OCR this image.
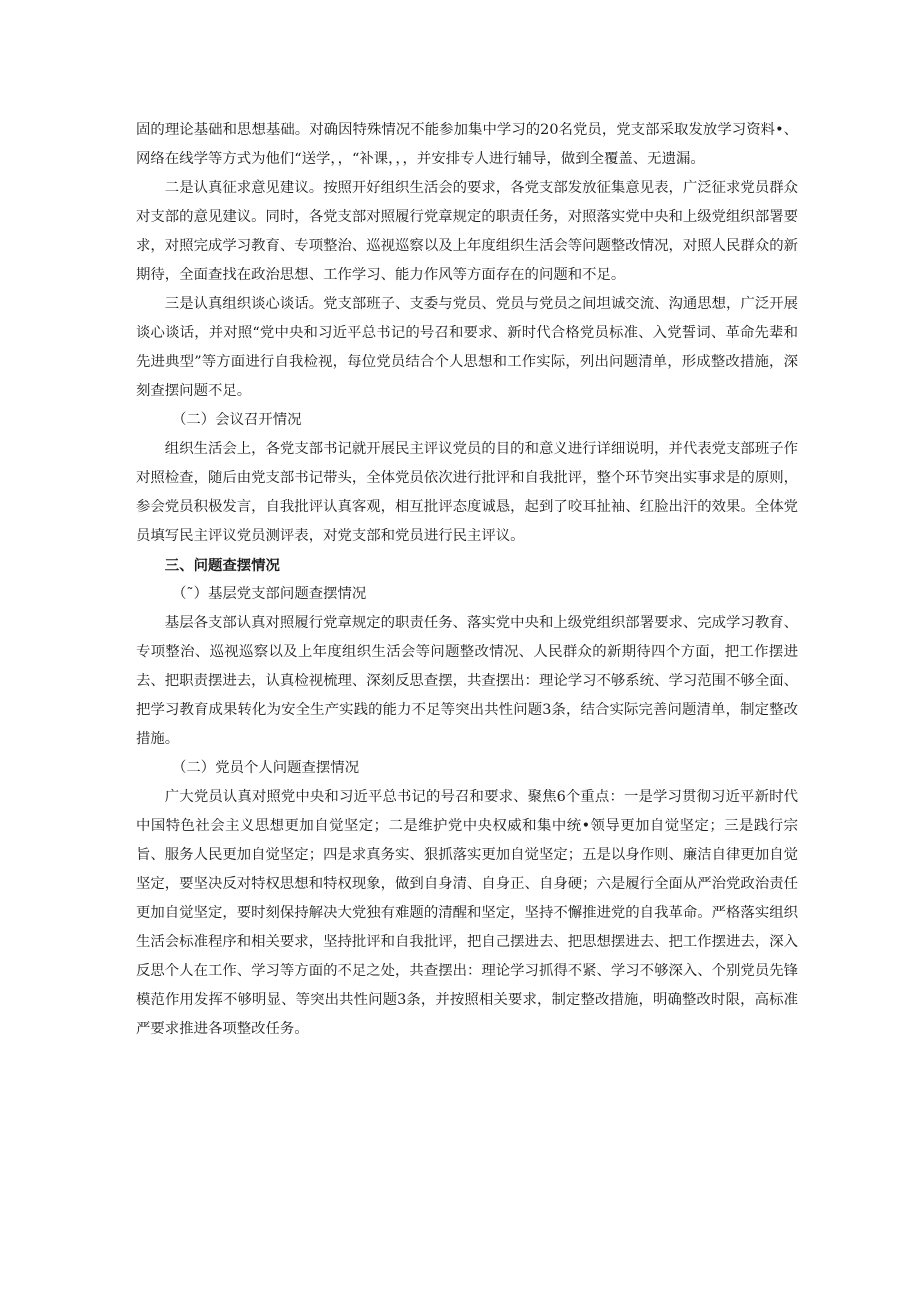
固的理论基础和思想基础。对确因特殊情况不能参加集中学习的20名党员，党支部采取发放学习资料•、网络在线学等方式为他们“送学，，“补课，，，并安排专人进行辅导，做到全覆盖、无遗漏。

二是认真征求意见建议。按照开好组织生活会的要求，各党支部发放征集意见表，广泛征求党员群众对支部的意见建议。同时，各党支部对照履行党章规定的职责任务，对照落实党中央和上级党组织部署要求，对照完成学习教育、专项整治、巡视巡察以及上年度组织生活会等问题整改情况，对照人民群众的新期待，全面查找在政治思想、工作学习、能力作风等方面存在的问题和不足。

三是认真组织谈心谈话。党支部班子、支委与党员、党员与党员之间坦诚交流、沟通思想，广泛开展谈心谈话，并对照“党中央和习近平总书记的号召和要求、新时代合格党员标准、入党誓词、革命先辈和先进典型”等方面进行自我检视，每位党员结合个人思想和工作实际，列出问题清单，形成整改措施，深刻查摆问题不足。

（二）会议召开情况

组织生活会上，各党支部书记就开展民主评议党员的目的和意义进行详细说明，并代表党支部班子作对照检查，随后由党支部书记带头，全体党员依次进行批评和自我批评，整个环节突出实事求是的原则，参会党员积极发言，自我批评认真客观，相互批评态度诚恳，起到了咬耳扯袖、红脸出汗的效果。全体党员填写民主评议党员测评表，对党支部和党员进行民主评议。

三、问题查摆情况

（˜）基层党支部问题查摆情况

基层各支部认真对照履行党章规定的职责任务、落实党中央和上级党组织部署要求、完成学习教育、专项整治、巡视巡察以及上年度组织生活会等问题整改情况、人民群众的新期待四个方面，把工作摆进去、把职责摆进去，认真检视梳理、深刻反思查摆，共查摆出：理论学习不够系统、学习范围不够全面、把学习教育成果转化为安全生产实践的能力不足等突出共性问题3条，结合实际完善问题清单，制定整改措施。

（二）党员个人问题查摆情况

广大党员认真对照党中央和习近平总书记的号召和要求、聚焦6个重点：一是学习贯彻习近平新时代中国特色社会主义思想更加自觉坚定；二是维护党中央权威和集中统•领导更加自觉坚定；三是践行宗旨、服务人民更加自觉坚定；四是求真务实、狠抓落实更加自觉坚定；五是以身作则、廉洁自律更加自觉坚定，要坚决反对特权思想和特权现象，做到自身清、自身正、自身硬；六是履行全面从严治党政治责任更加自觉坚定，要时刻保持解决大党独有难题的清醒和坚定，坚持不懈推进党的自我革命。严格落实组织生活会标准程序和相关要求，坚持批评和自我批评，把自己摆进去、把思想摆进去、把工作摆进去，深入反思个人在工作、学习等方面的不足之处，共查摆出：理论学习抓得不紧、学习不够深入、个别党员先锋模范作用发挥不够明显、等突出共性问题3条，并按照相关要求，制定整改措施，明确整改时限，高标准严要求推进各项整改任务。
